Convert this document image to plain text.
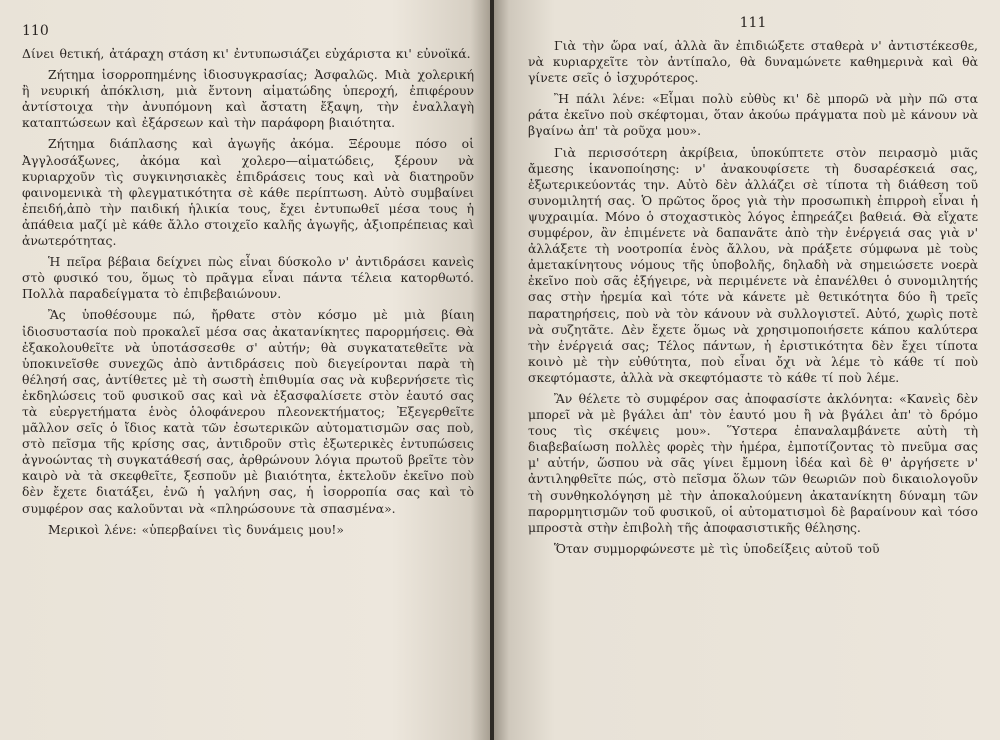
110

Δίνει θετική, ἀτάραχη στάση κι' ἐντυπωσιάζει εὐχάριστα κι' εὐνοϊκά.

Ζήτημα ἰσορροπημένης ἰδιοσυγκρασίας; Ἀσφαλῶς. Μιὰ χολερική ἢ νευρική ἀπόκλιση, μιὰ ἔντονη αἱματώδης ὑπεροχή, ἐπιφέρουν ἀντίστοιχα τὴν ἀνυπόμονη καὶ ἄστατη ἔξαψη, τὴν ἐναλλαγὴ καταπτώσεων καὶ ἐξάρσεων καὶ τὴν παράφορη βιαιότητα.

Ζήτημα διάπλασης καὶ ἀγωγῆς ἀκόμα. Ξέρουμε πόσο οἱ Ἀγγλοσάξωνες, ἀκόμα καὶ χολερο—αἱματώδεις, ξέρουν νὰ κυριαρχοῦν τὶς συγκινησιακὲς ἐπιδράσεις τους καὶ νὰ διατηροῦν φαινομενικὰ τὴ φλεγματικότητα σὲ κάθε περίπτωση. Αὐτὸ συμβαίνει ἐπειδή,ἀπὸ τὴν παιδική ἡλικία τους, ἔχει ἐντυπωθεῖ μέσα τους ἡ ἀπάθεια μαζί μὲ κάθε ἄλλο στοιχεῖο καλῆς ἀγωγῆς, ἀξιοπρέπειας καὶ ἀνωτερότητας.

Ἡ πεῖρα βέβαια δείχνει πὼς εἶναι δύσκολο ν' ἀντιδράσει κανεὶς στὸ φυσικό του, ὅμως τὸ πρᾶγμα εἶναι πάντα τέλεια κατορθωτό. Πολλὰ παραδείγματα τὸ ἐπιβεβαιώνουν.

Ἂς ὑποθέσουμε πώ, ἤρθατε στὸν κόσμο μὲ μιὰ βίαιη ἰδιοσυστασία ποὺ προκαλεῖ μέσα σας ἀκατανίκητες παρορμήσεις. Θὰ ἐξακολουθεῖτε νὰ ὑποτάσσεσθε σ' αὐτήν; θὰ συγκατατεθεῖτε νὰ ὑποκινεῖσθε συνεχῶς ἀπὸ ἀντιδράσεις ποὺ διεγείρονται παρὰ τὴ θέλησή σας, ἀντίθετες μὲ τὴ σωστὴ ἐπιθυμία σας νὰ κυβερνήσετε τὶς ἐκδηλώσεις τοῦ φυσικοῦ σας καὶ νὰ ἐξασφαλίσετε στὸν ἑαυτό σας τὰ εὐεργετήματα ἑνὸς ὁλοφάνερου πλεονεκτήματος; Ἐξεγερθεῖτε μᾶλλον σεῖς ὁ ἴδιος κατὰ τῶν ἐσωτερικῶν αὐτοματισμῶν σας ποὺ, στὸ πεῖσμα τῆς κρίσης σας, ἀντιδροῦν στὶς ἐξωτερικὲς ἐντυπώσεις ἀγνοώντας τὴ συγκατάθεσή σας, ἀρθρώνουν λόγια πρωτοῦ βρεῖτε τὸν καιρὸ νὰ τὰ σκεφθεῖτε, ξεσποῦν μὲ βιαιότητα, ἐκτελοῦν ἐκεῖνο ποὺ δὲν ἔχετε διατάξει, ἐνῶ ἡ γαλήνη σας, ἡ ἰσορροπία σας καὶ τὸ συμφέρον σας καλοῦνται νὰ «πληρώσουνε τὰ σπασμένα».

Μερικοὶ λένε: «ὑπερβαίνει τὶς δυνάμεις μου!»

111

Γιὰ τὴν ὥρα ναί, ἀλλὰ ἂν ἐπιδιώξετε σταθερὰ ν' ἀντιστέκεσθε, νὰ κυριαρχεῖτε τὸν ἀντίπαλο, θὰ δυναμώνετε καθημερινὰ καὶ θὰ γίνετε σεῖς ὁ ἰσχυρότερος.

Ἢ πάλι λένε: «Εἶμαι πολὺ εὐθὺς κι' δὲ μπορῶ νὰ μὴν πῶ στα ράτα ἐκεῖνο ποὺ σκέφτομαι, ὅταν ἀκούω πράγματα ποὺ μὲ κάνουν νὰ βγαίνω ἀπ' τὰ ροῦχα μου».

Γιὰ περισσότερη ἀκρίβεια, ὑποκύπτετε στὸν πειρασμὸ μιᾶς ἄμεσης ἱκανοποίησης: ν' ἀνακουφίσετε τὴ δυσαρέσκειά σας, ἐξωτερικεύοντάς την. Αὐτὸ δὲν ἀλλάζει σὲ τίποτα τὴ διάθεση τοῦ συνομιλητή σας. Ὁ πρῶτος ὅρος γιὰ τὴν προσωπικὴ ἐπιρροὴ εἶναι ἡ ψυχραιμία. Μόνο ὁ στοχαστικὸς λόγος ἐπηρεάζει βαθειά. Θὰ εἴχατε συμφέρον, ἂν ἐπιμένετε νὰ δαπανᾶτε ἀπὸ τὴν ἐνέργειά σας γιὰ ν' ἀλλάξετε τὴ νοοτροπία ἑνὸς ἄλλου, νὰ πράξετε σύμφωνα μὲ τοὺς ἀμετακίνητους νόμους τῆς ὑποβολῆς, δηλαδὴ νὰ σημειώσετε νοερὰ ἐκεῖνο ποὺ σᾶς ἐξήγειρε, νὰ περιμένετε νὰ ἐπανέλθει ὁ συνομιλητής σας στὴν ἠρεμία καὶ τότε νὰ κάνετε μὲ θετικότητα δύο ἢ τρεῖς παρατηρήσεις, ποὺ νὰ τὸν κάνουν νὰ συλλογιστεῖ. Αὐτό, χωρὶς ποτὲ νὰ συζητᾶτε. Δὲν ἔχετε ὅμως νὰ χρησιμοποιήσετε κάπου καλύτερα τὴν ἐνέργειά σας; Τέλος πάντων, ἡ ἐριστικότητα δὲν ἔχει τίποτα κοινὸ μὲ τὴν εὐθύτητα, ποὺ εἶναι ὄχι νὰ λέμε τὸ κάθε τί ποὺ σκεφτόμαστε, ἀλλὰ νὰ σκεφτόμαστε τὸ κάθε τί ποὺ λέμε.

Ἂν θέλετε τὸ συμφέρον σας ἀποφασίστε ἀκλόνητα: «Κανεὶς δὲν μπορεῖ νὰ μὲ βγάλει ἀπ' τὸν ἑαυτό μου ἢ νὰ βγάλει ἀπ' τὸ δρόμο τους τὶς σκέψεις μου». Ὕστερα ἐπαναλαμβάνετε αὐτὴ τὴ διαβεβαίωση πολλὲς φορὲς τὴν ἡμέρα, ἐμποτίζοντας τὸ πνεῦμα σας μ' αὐτήν, ὥσπου νὰ σᾶς γίνει ἔμμονη ἰδέα καὶ δὲ θ' ἀργήσετε ν' ἀντιληφθεῖτε πώς, στὸ πεῖσμα ὅλων τῶν θεωριῶν ποὺ δικαιολογοῦν τὴ συνθηκολόγηση μὲ τὴν ἀποκαλούμενη ἀκατανίκητη δύναμη τῶν παρορμητισμῶν τοῦ φυσικοῦ, οἱ αὐτοματισμοὶ δὲ βαραίνουν καὶ τόσο μπροστὰ στὴν ἐπιβολὴ τῆς ἀποφασιστικῆς θέλησης.

Ὅταν συμμορφώνεστε μὲ τὶς ὑποδείξεις αὐτοῦ τοῦ
